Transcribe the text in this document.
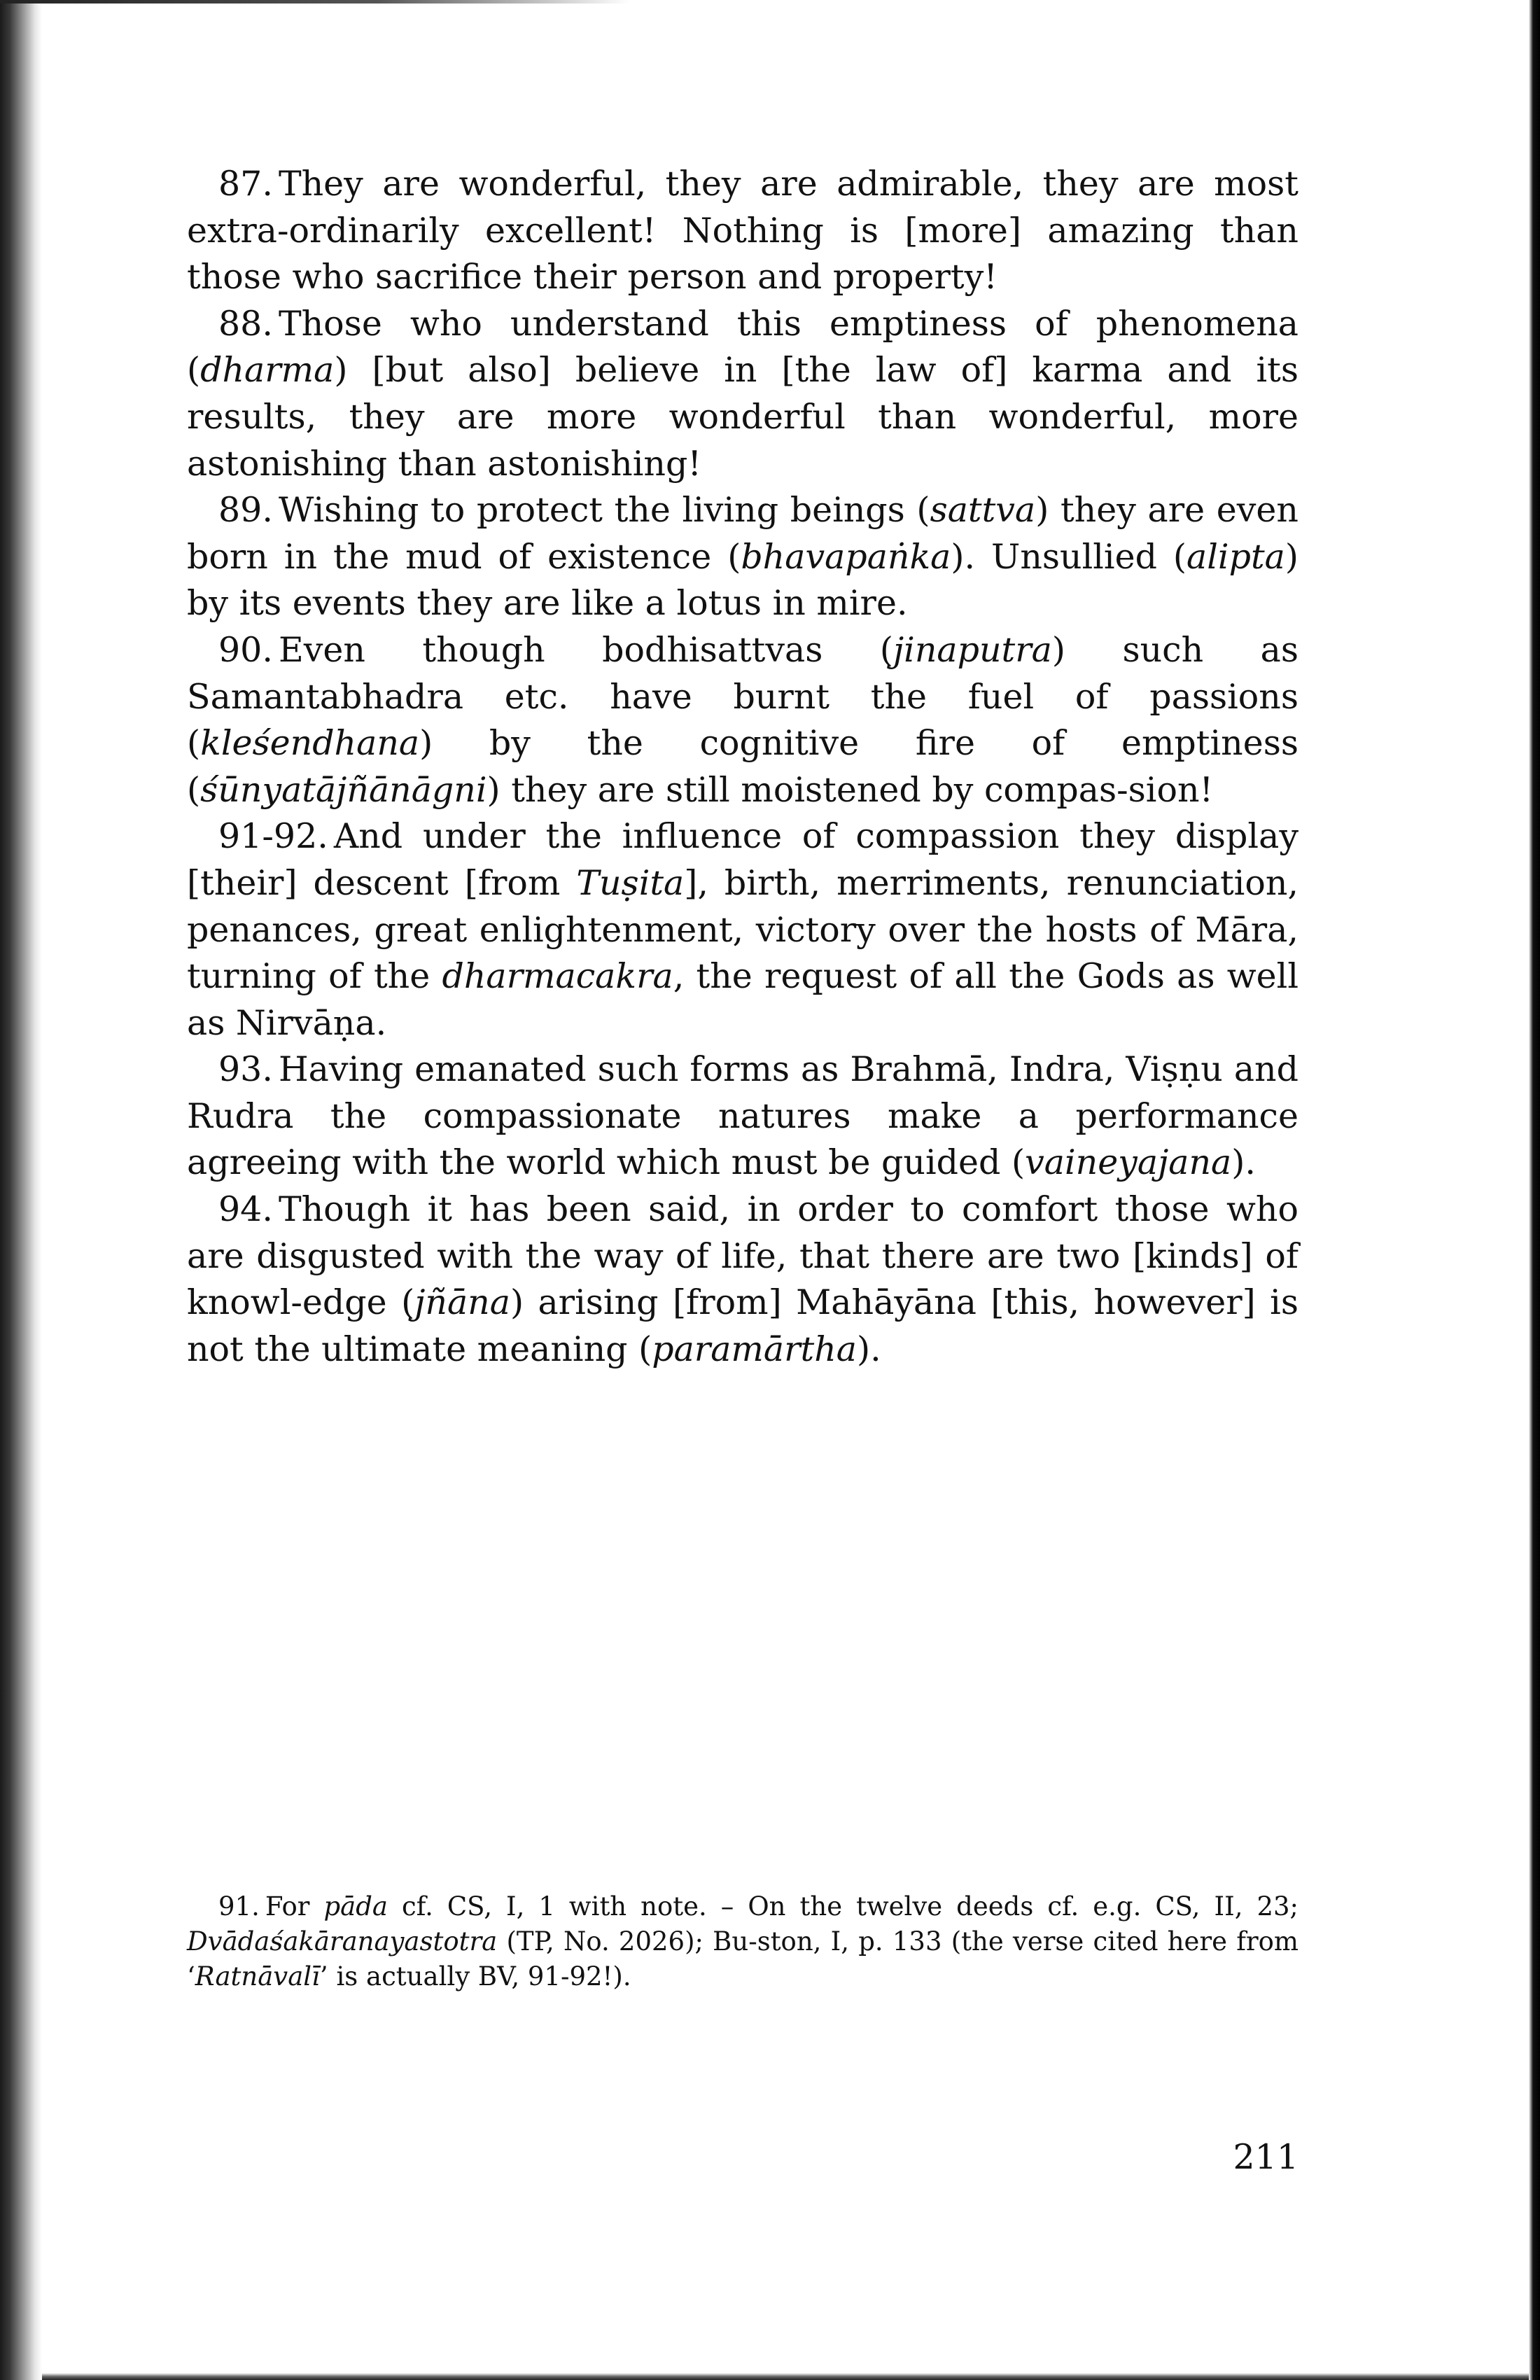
87. They are wonderful, they are admirable, they are most extra-ordinarily excellent! Nothing is [more] amazing than those who sacrifice their person and property!

88. Those who understand this emptiness of phenomena (dharma) [but also] believe in [the law of] karma and its results, they are more wonderful than wonderful, more astonishing than astonishing!

89. Wishing to protect the living beings (sattva) they are even born in the mud of existence (bhavapaṅka). Unsullied (alipta) by its events they are like a lotus in mire.

90. Even though bodhisattvas (jinaputra) such as Samantabhadra etc. have burnt the fuel of passions (kleśendhana) by the cognitive fire of emptiness (śūnyatājñānāgni) they are still moistened by compas-sion!

91-92. And under the influence of compassion they display [their] descent [from Tuṣita], birth, merriments, renunciation, penances, great enlightenment, victory over the hosts of Māra, turning of the dharmacakra, the request of all the Gods as well as Nirvāṇa.

93. Having emanated such forms as Brahmā, Indra, Viṣṇu and Rudra the compassionate natures make a performance agreeing with the world which must be guided (vaineyajana).

94. Though it has been said, in order to comfort those who are disgusted with the way of life, that there are two [kinds] of knowl-edge (jñāna) arising [from] Mahāyāna [this, however] is not the ultimate meaning (paramārtha).

91. For pāda cf. CS, I, 1 with note. – On the twelve deeds cf. e.g. CS, II, 23; Dvādaśakāranayastotra (TP, No. 2026); Bu-ston, I, p. 133 (the verse cited here from ‘Ratnāvalī’ is actually BV, 91-92!).

211
